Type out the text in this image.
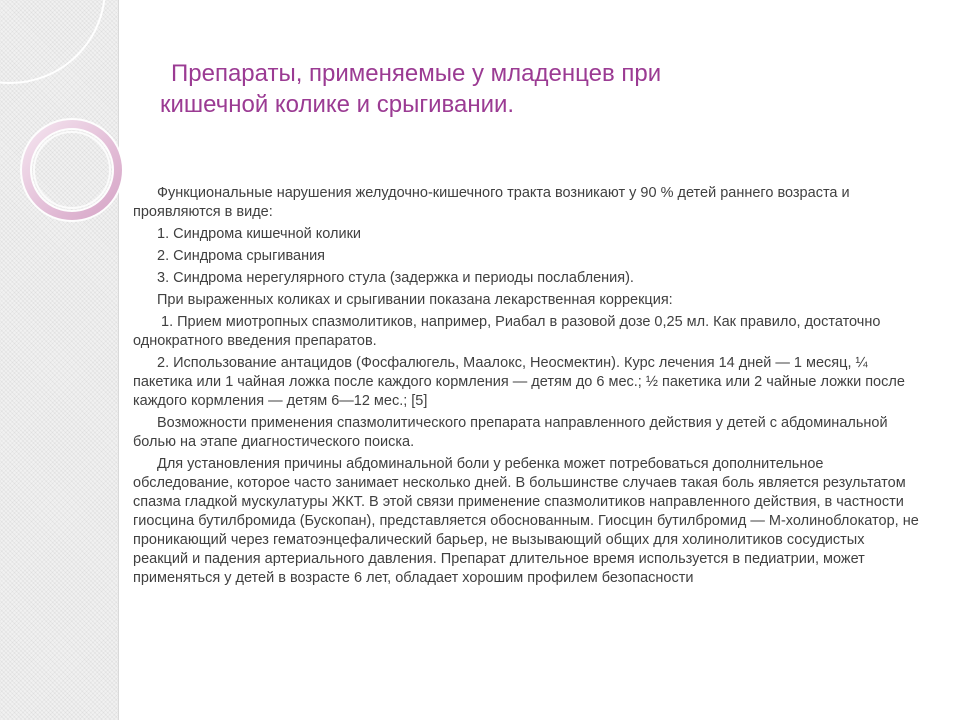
Препараты, применяемые у младенцев при
кишечной колике и срыгивании.

Функциональные нарушения желудочно-кишечного тракта возникают у 90 % детей раннего возраста и проявляются в виде:

1. Синдрома кишечной колики

2. Синдрома срыгивания

3. Синдрома нерегулярного стула (задержка и периоды послабления).

При выраженных коликах и срыгивании показана лекарственная коррекция:

1. Прием миотропных спазмолитиков, например, Риабал в разовой дозе 0,25 мл. Как правило, достаточно однократного введения препаратов.

2. Использование антацидов (Фосфалюгель, Маалокс, Неосмектин). Курс лечения 14 дней — 1 месяц, ¼ пакетика или 1 чайная ложка после каждого кормления — детям до 6 мес.; ½ пакетика или 2 чайные ложки после каждого кормления — детям 6—12 мес.; [5]

Возможности применения спазмолитического препарата направленного действия у детей с абдоминальной болью на этапе диагностического поиска.

Для установления причины абдоминальной боли у ребенка может потребоваться дополнительное обследование, которое часто занимает несколько дней. В большинстве случаев такая боль является результатом спазма гладкой мускулатуры ЖКТ. В этой связи применение спазмолитиков направленного действия, в частности гиосцина бутилбромида (Бускопан), представляется обоснованным. Гиосцин бутилбромид — М-холиноблокатор, не проникающий через гематоэнцефалический барьер, не вызывающий общих для холинолитиков сосудистых реакций и падения артериального давления. Препарат длительное время используется в педиатрии, может применяться у детей в возрасте 6 лет, обладает хорошим профилем безопасности
